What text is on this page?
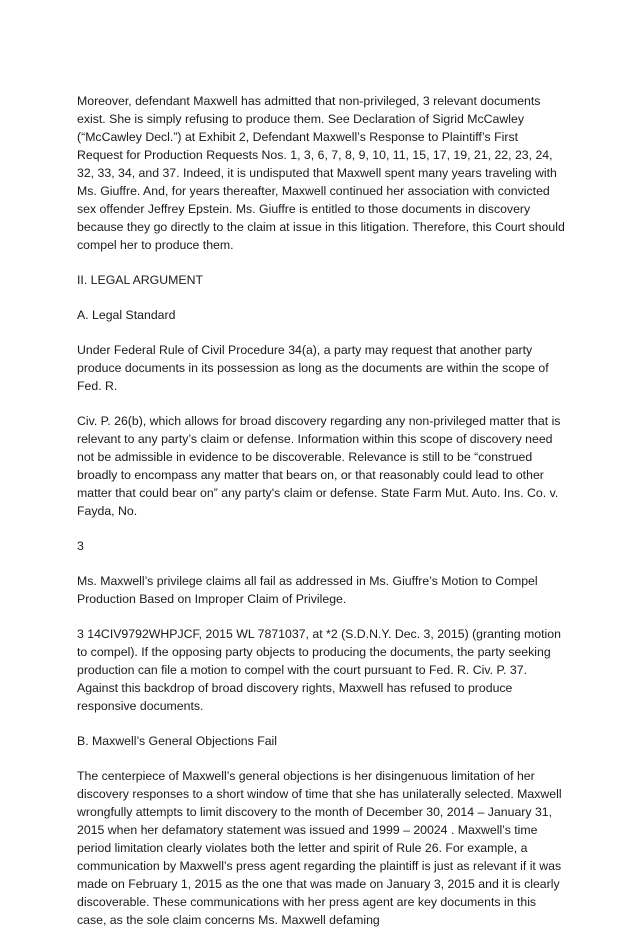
Moreover, defendant Maxwell has admitted that non-privileged, 3 relevant documents exist. She is simply refusing to produce them. See Declaration of Sigrid McCawley (“McCawley Decl.”) at Exhibit 2, Defendant Maxwell’s Response to Plaintiff’s First Request for Production Requests Nos. 1, 3, 6, 7, 8, 9, 10, 11, 15, 17, 19, 21, 22, 23, 24, 32, 33, 34, and 37. Indeed, it is undisputed that Maxwell spent many years traveling with Ms. Giuffre. And, for years thereafter, Maxwell continued her association with convicted sex offender Jeffrey Epstein. Ms. Giuffre is entitled to those documents in discovery because they go directly to the claim at issue in this litigation. Therefore, this Court should compel her to produce them.

II. LEGAL ARGUMENT

A. Legal Standard

Under Federal Rule of Civil Procedure 34(a), a party may request that another party produce documents in its possession as long as the documents are within the scope of Fed. R.

Civ. P. 26(b), which allows for broad discovery regarding any non-privileged matter that is relevant to any party’s claim or defense. Information within this scope of discovery need not be admissible in evidence to be discoverable. Relevance is still to be “construed broadly to encompass any matter that bears on, or that reasonably could lead to other matter that could bear on” any party's claim or defense. State Farm Mut. Auto. Ins. Co. v. Fayda, No.

3

Ms. Maxwell’s privilege claims all fail as addressed in Ms. Giuffre’s Motion to Compel Production Based on Improper Claim of Privilege.

3 14CIV9792WHPJCF, 2015 WL 7871037, at *2 (S.D.N.Y. Dec. 3, 2015) (granting motion to compel). If the opposing party objects to producing the documents, the party seeking production can file a motion to compel with the court pursuant to Fed. R. Civ. P. 37. Against this backdrop of broad discovery rights, Maxwell has refused to produce responsive documents.

B. Maxwell’s General Objections Fail

The centerpiece of Maxwell’s general objections is her disingenuous limitation of her discovery responses to a short window of time that she has unilaterally selected. Maxwell wrongfully attempts to limit discovery to the month of December 30, 2014 – January 31, 2015 when her defamatory statement was issued and 1999 – 20024 . Maxwell’s time period limitation clearly violates both the letter and spirit of Rule 26. For example, a communication by Maxwell’s press agent regarding the plaintiff is just as relevant if it was made on February 1, 2015 as the one that was made on January 3, 2015 and it is clearly discoverable. These communications with her press agent are key documents in this case, as the sole claim concerns Ms. Maxwell defaming
